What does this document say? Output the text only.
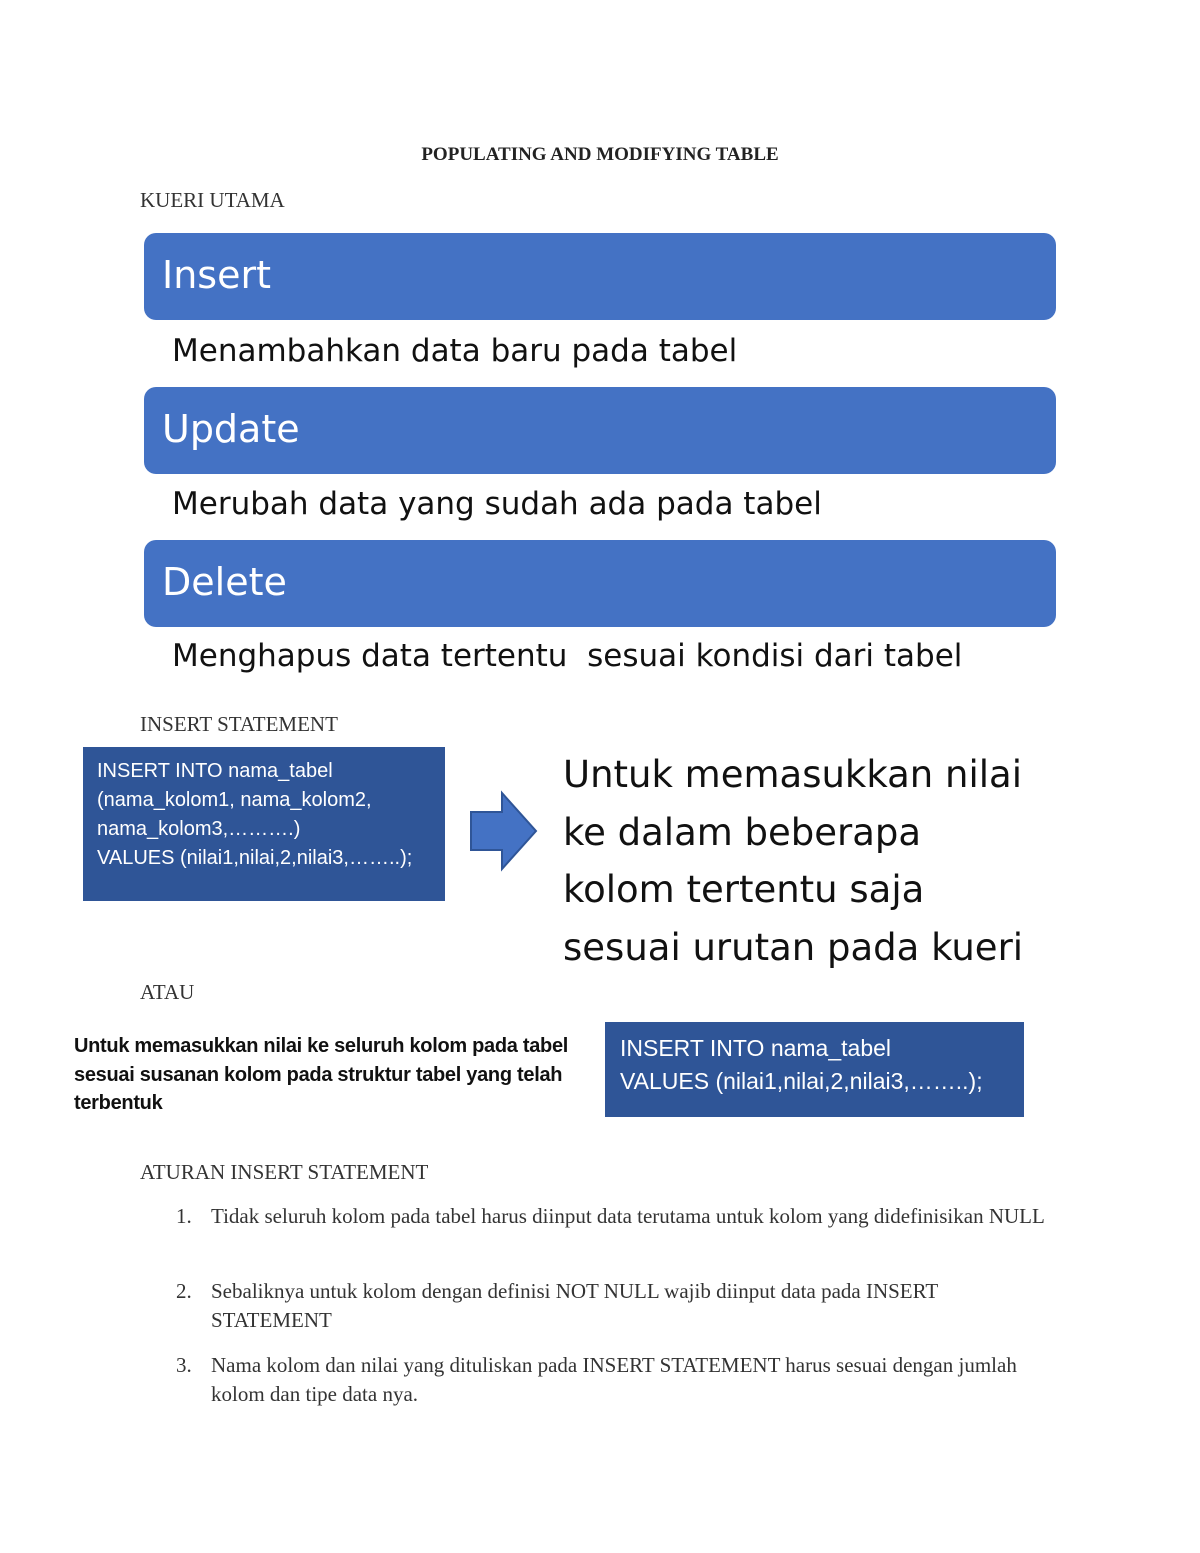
POPULATING AND MODIFYING TABLE
KUERI UTAMA
Insert
Menambahkan data baru pada tabel
Update
Merubah data yang sudah ada pada tabel
Delete
Menghapus data tertentu  sesuai kondisi dari tabel
INSERT STATEMENT
INSERT INTO nama_tabel
(nama_kolom1, nama_kolom2,
nama_kolom3,……….)
VALUES (nilai1,nilai,2,nilai3,……..);
Untuk memasukkan nilai
ke dalam beberapa
kolom tertentu saja
sesuai urutan pada kueri
ATAU
Untuk memasukkan nilai ke seluruh kolom pada tabel sesuai susanan kolom pada struktur tabel yang telah terbentuk
INSERT INTO nama_tabel
VALUES (nilai1,nilai,2,nilai3,……..);
ATURAN INSERT STATEMENT
1. Tidak seluruh kolom pada tabel harus diinput data terutama untuk kolom yang didefinisikan NULL
2. Sebaliknya untuk kolom dengan definisi NOT NULL wajib diinput data pada INSERT STATEMENT
3. Nama kolom dan nilai yang dituliskan pada INSERT STATEMENT harus sesuai dengan jumlah kolom dan tipe data nya.
